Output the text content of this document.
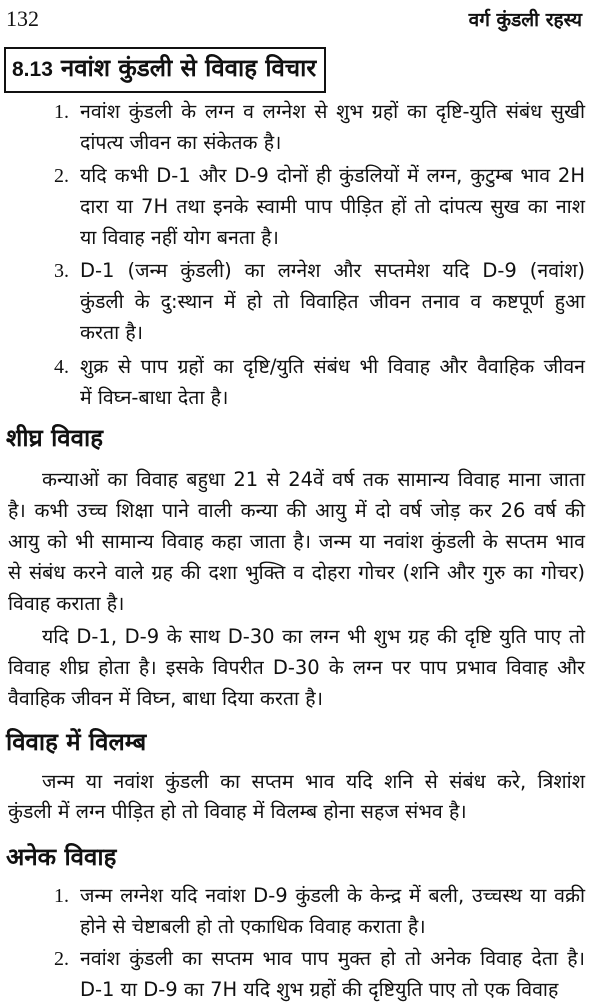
132	वर्ग कुंडली रहस्य
8.13 नवांश कुंडली से विवाह विचार
1. नवांश कुंडली के लग्न व लग्नेश से शुभ ग्रहों का दृष्टि-युति संबंध सुखी
दांपत्य जीवन का संकेतक है।
2. यदि कभी D-1 और D-9 दोनों ही कुंडलियों में लग्न, कुटुम्ब भाव 2H
दारा या 7H तथा इनके स्वामी पाप पीड़ित हों तो दांपत्य सुख का नाश
या विवाह नहीं योग बनता है।
3. D-1 (जन्म कुंडली) का लग्नेश और सप्तमेश यदि D-9 (नवांश)
कुंडली के दु:स्थान में हो तो विवाहित जीवन तनाव व कष्टपूर्ण हुआ
करता है।
4. शुक्र से पाप ग्रहों का दृष्टि/युति संबंध भी विवाह और वैवाहिक जीवन
में विघ्न-बाधा देता है।
शीघ्र विवाह
कन्याओं का विवाह बहुधा 21 से 24वें वर्ष तक सामान्य विवाह माना जाता
है। कभी उच्च शिक्षा पाने वाली कन्या की आयु में दो वर्ष जोड़ कर 26 वर्ष की
आयु को भी सामान्य विवाह कहा जाता है। जन्म या नवांश कुंडली के सप्तम भाव
से संबंध करने वाले ग्रह की दशा भुक्ति व दोहरा गोचर (शनि और गुरु का गोचर)
विवाह कराता है।
यदि D-1, D-9 के साथ D-30 का लग्न भी शुभ ग्रह की दृष्टि युति पाए तो
विवाह शीघ्र होता है। इसके विपरीत D-30 के लग्न पर पाप प्रभाव विवाह और
वैवाहिक जीवन में विघ्न, बाधा दिया करता है।
विवाह में विलम्ब
जन्म या नवांश कुंडली का सप्तम भाव यदि शनि से संबंध करे, त्रिशांश
कुंडली में लग्न पीड़ित हो तो विवाह में विलम्ब होना सहज संभव है।
अनेक विवाह
1. जन्म लग्नेश यदि नवांश D-9 कुंडली के केन्द्र में बली, उच्चस्थ या वक्री
होने से चेष्टाबली हो तो एकाधिक विवाह कराता है।
2. नवांश कुंडली का सप्तम भाव पाप मुक्त हो तो अनेक विवाह देता है।
D-1 या D-9 का 7H यदि शुभ ग्रहों की दृष्टियुति पाए तो एक विवाह
